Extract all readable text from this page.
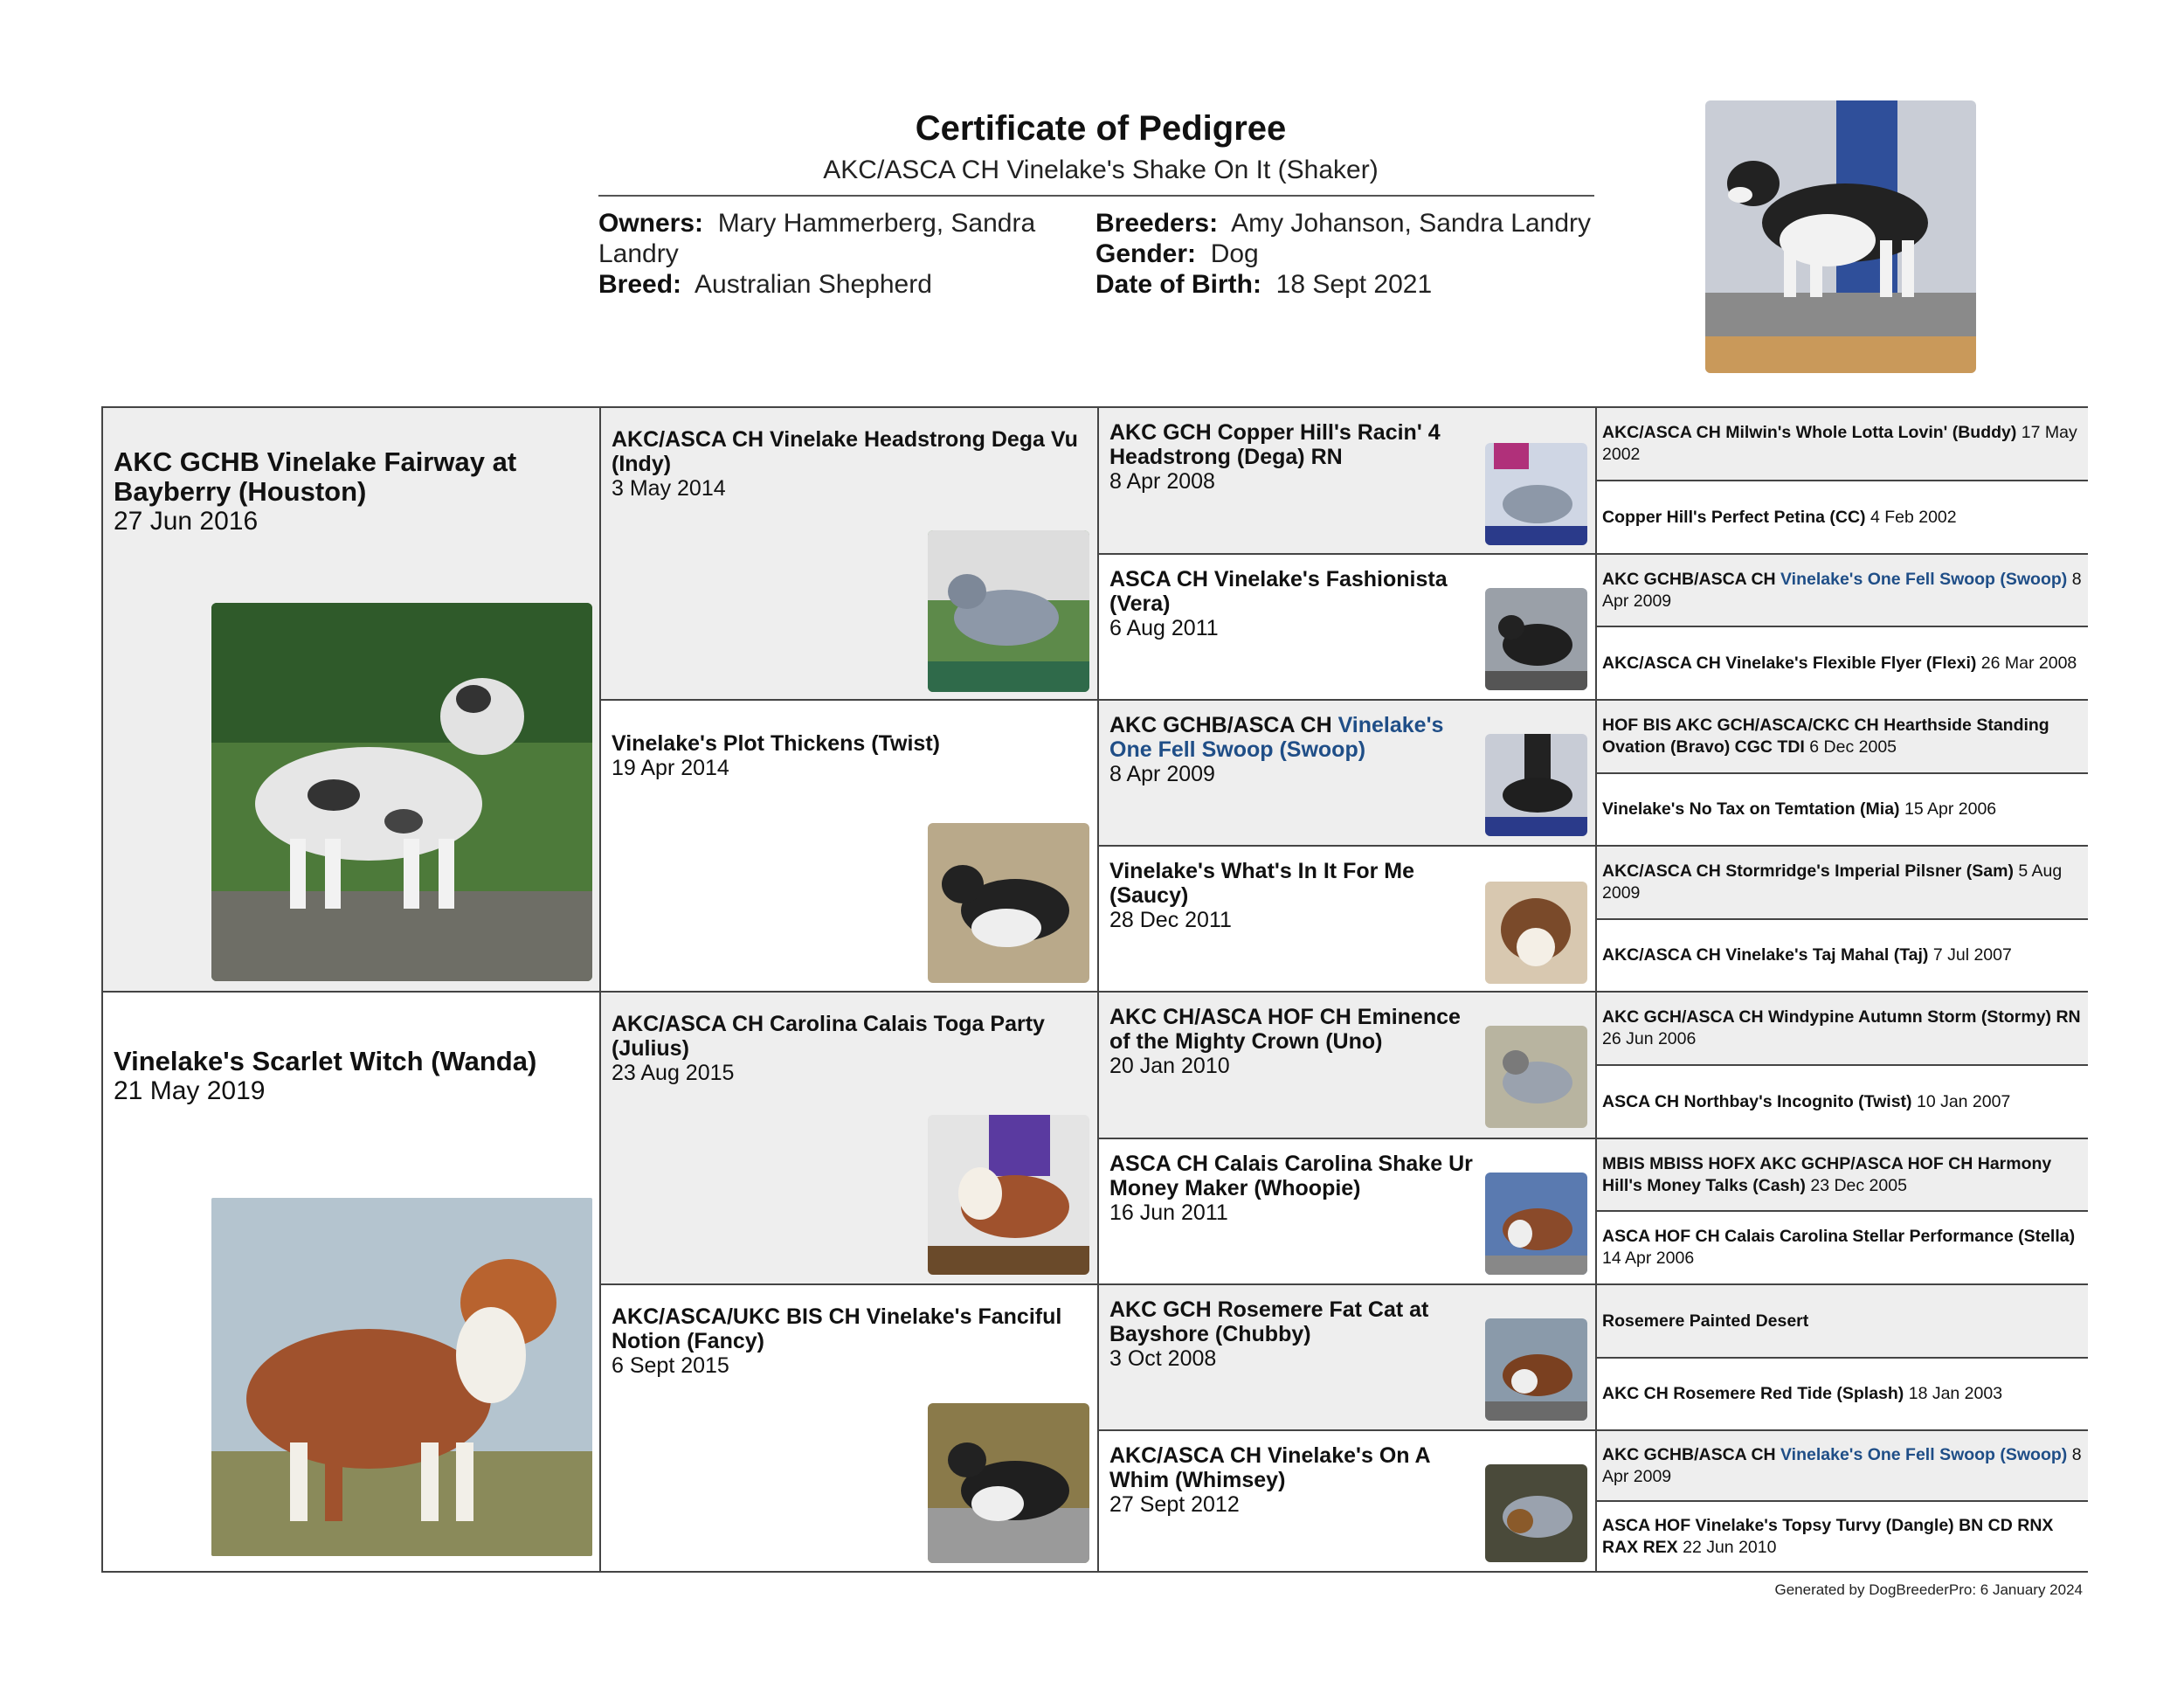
Certificate of Pedigree
AKC/ASCA CH Vinelake's Shake On It (Shaker)
Owners: Mary Hammerberg, Sandra Landry
Breed: Australian Shepherd
Breeders: Amy Johanson, Sandra Landry
Gender: Dog
Date of Birth: 18 Sept 2021
AKC GCHB Vinelake Fairway at Bayberry (Houston)
27 Jun 2016
Vinelake's Scarlet Witch (Wanda)
21 May 2019
AKC/ASCA CH Vinelake Headstrong Dega Vu (Indy)
3 May 2014
Vinelake's Plot Thickens (Twist)
19 Apr 2014
AKC/ASCA CH Carolina Calais Toga Party (Julius)
23 Aug 2015
AKC/ASCA/UKC BIS CH Vinelake's Fanciful Notion (Fancy)
6 Sept 2015
AKC GCH Copper Hill's Racin' 4 Headstrong (Dega) RN
8 Apr 2008
ASCA CH Vinelake's Fashionista (Vera)
6 Aug 2011
AKC GCHB/ASCA CH Vinelake's One Fell Swoop (Swoop)
8 Apr 2009
Vinelake's What's In It For Me (Saucy)
28 Dec 2011
AKC CH/ASCA HOF CH Eminence of the Mighty Crown (Uno)
20 Jan 2010
ASCA CH Calais Carolina Shake Ur Money Maker (Whoopie)
16 Jun 2011
AKC GCH Rosemere Fat Cat at Bayshore (Chubby)
3 Oct 2008
AKC/ASCA CH Vinelake's On A Whim (Whimsey)
27 Sept 2012
AKC/ASCA CH Milwin's Whole Lotta Lovin' (Buddy) 17 May 2002
Copper Hill's Perfect Petina (CC) 4 Feb 2002
AKC GCHB/ASCA CH Vinelake's One Fell Swoop (Swoop) 8 Apr 2009
AKC/ASCA CH Vinelake's Flexible Flyer (Flexi) 26 Mar 2008
HOF BIS AKC GCH/ASCA/CKC CH Hearthside Standing Ovation (Bravo) CGC TDI 6 Dec 2005
Vinelake's No Tax on Temtation (Mia) 15 Apr 2006
AKC/ASCA CH Stormridge's Imperial Pilsner (Sam) 5 Aug 2009
AKC/ASCA CH Vinelake's Taj Mahal (Taj) 7 Jul 2007
AKC GCH/ASCA CH Windypine Autumn Storm (Stormy) RN 26 Jun 2006
ASCA CH Northbay's Incognito (Twist) 10 Jan 2007
MBIS MBISS HOFX AKC GCHP/ASCA HOF CH Harmony Hill's Money Talks (Cash) 23 Dec 2005
ASCA HOF CH Calais Carolina Stellar Performance (Stella) 14 Apr 2006
Rosemere Painted Desert
AKC CH Rosemere Red Tide (Splash) 18 Jan 2003
AKC GCHB/ASCA CH Vinelake's One Fell Swoop (Swoop) 8 Apr 2009
ASCA HOF Vinelake's Topsy Turvy (Dangle) BN CD RNX RAX REX 22 Jun 2010
Generated by DogBreederPro: 6 January 2024
